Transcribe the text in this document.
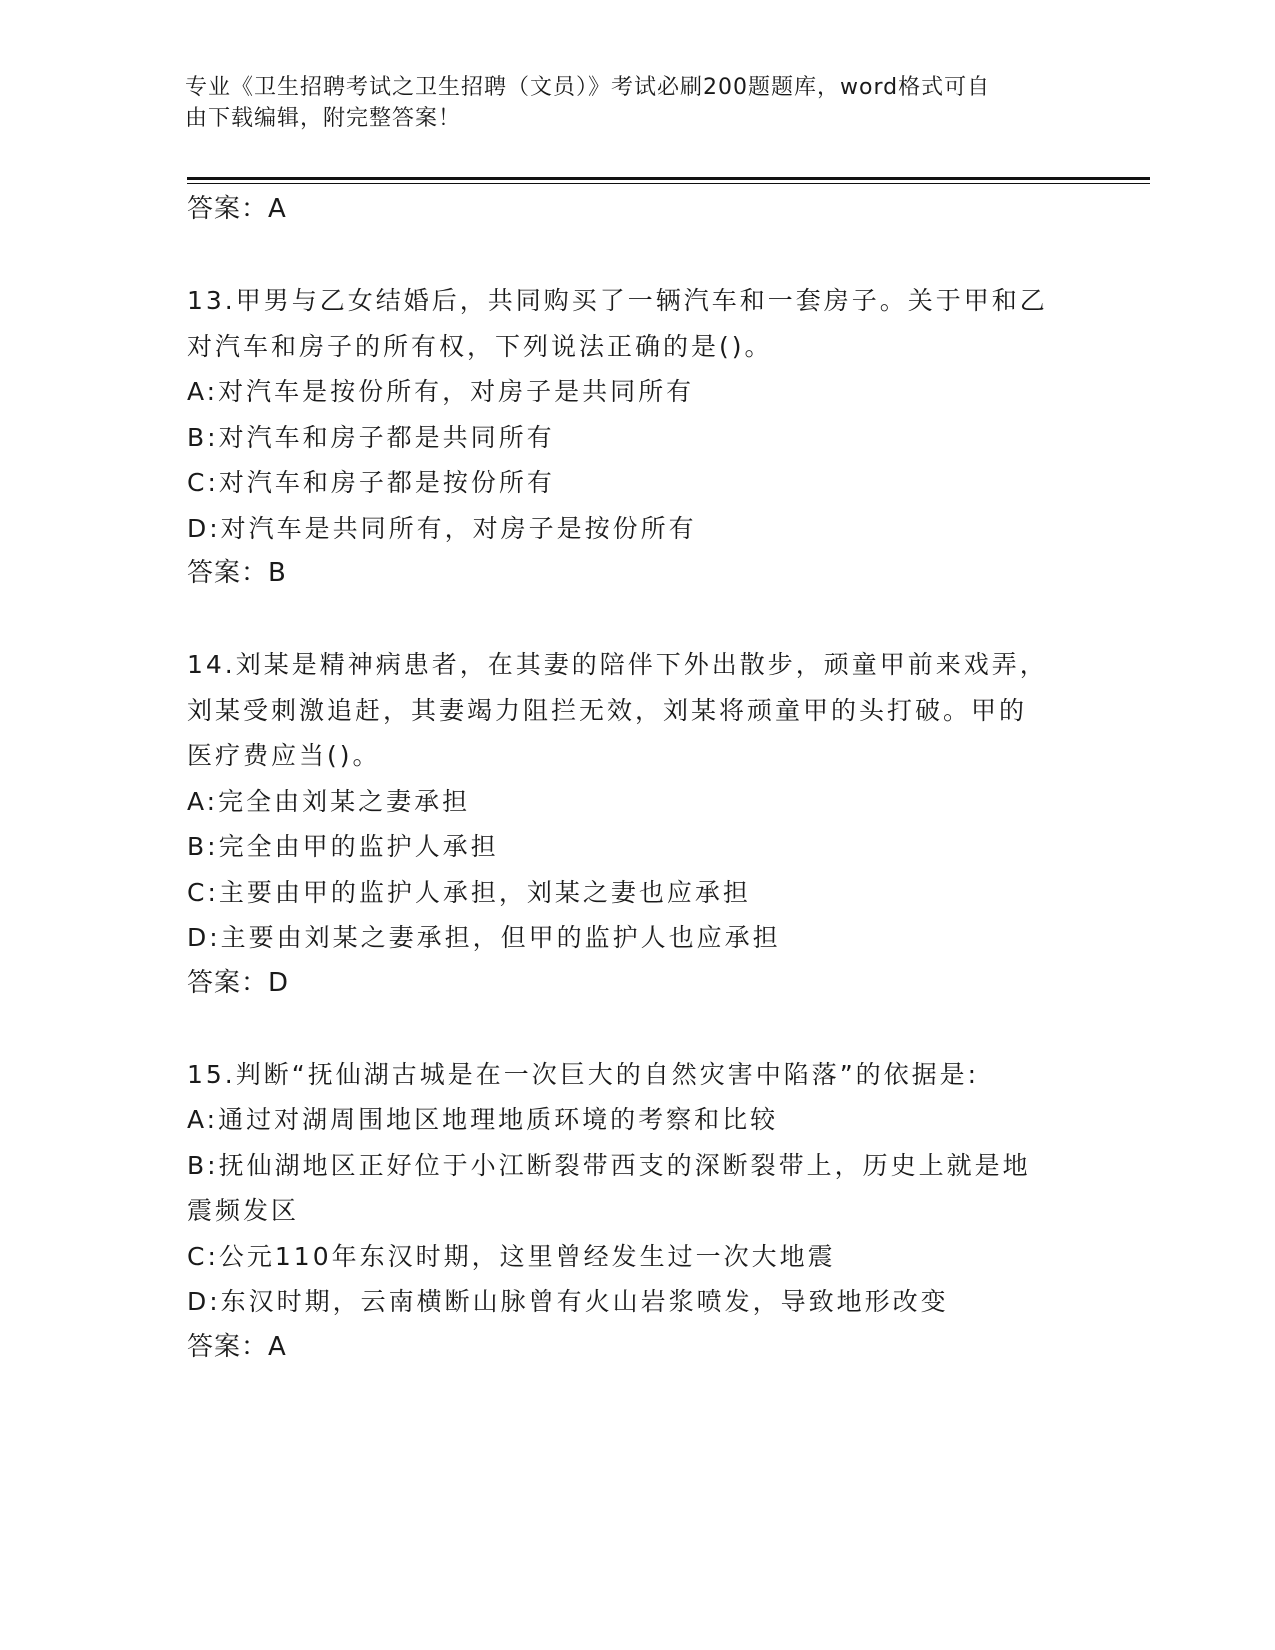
专业《卫生招聘考试之卫生招聘（文员）》考试必刷200题题库，word格式可自
由下载编辑，附完整答案！
答案：A
13.甲男与乙女结婚后，共同购买了一辆汽车和一套房子。关于甲和乙
对汽车和房子的所有权，下列说法正确的是()。
A:对汽车是按份所有，对房子是共同所有
B:对汽车和房子都是共同所有
C:对汽车和房子都是按份所有
D:对汽车是共同所有，对房子是按份所有
答案：B
14.刘某是精神病患者，在其妻的陪伴下外出散步，顽童甲前来戏弄，
刘某受刺激追赶，其妻竭力阻拦无效，刘某将顽童甲的头打破。甲的
医疗费应当()。
A:完全由刘某之妻承担
B:完全由甲的监护人承担
C:主要由甲的监护人承担，刘某之妻也应承担
D:主要由刘某之妻承担，但甲的监护人也应承担
答案：D
15.判断“抚仙湖古城是在一次巨大的自然灾害中陷落”的依据是:
A:通过对湖周围地区地理地质环境的考察和比较
B:抚仙湖地区正好位于小江断裂带西支的深断裂带上，历史上就是地
震频发区
C:公元110年东汉时期，这里曾经发生过一次大地震
D:东汉时期，云南横断山脉曾有火山岩浆喷发，导致地形改变
答案：A
